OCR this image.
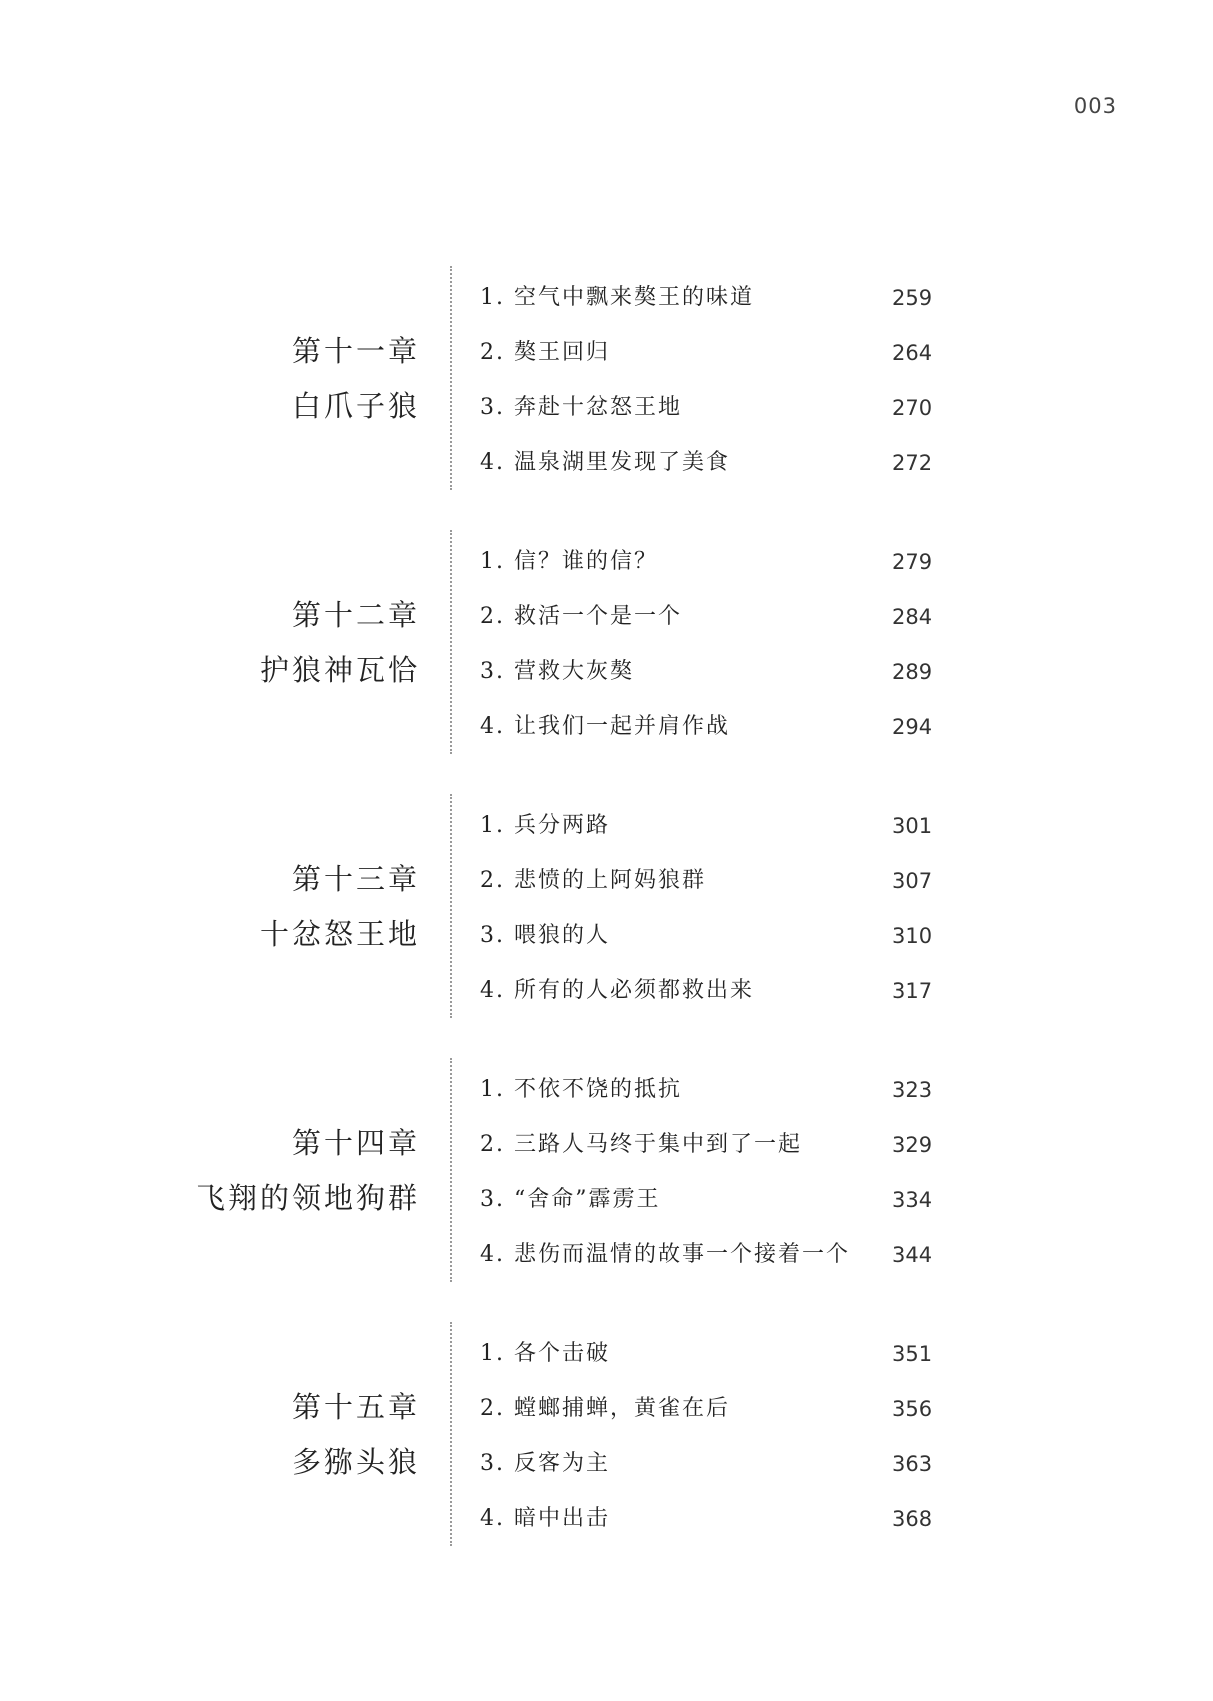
003
第十一章
白爪子狼
1. 空气中飘来獒王的味道	259
2. 獒王回归	264
3. 奔赴十忿怒王地	270
4. 温泉湖里发现了美食	272
第十二章
护狼神瓦恰
1. 信？谁的信？	279
2. 救活一个是一个	284
3. 营救大灰獒	289
4. 让我们一起并肩作战	294
第十三章
十忿怒王地
1. 兵分两路	301
2. 悲愤的上阿妈狼群	307
3. 喂狼的人	310
4. 所有的人必须都救出来	317
第十四章
飞翔的领地狗群
1. 不依不饶的抵抗	323
2. 三路人马终于集中到了一起	329
3. “舍命”霹雳王	334
4. 悲伤而温情的故事一个接着一个 344
第十五章
多猕头狼
1. 各个击破	351
2. 螳螂捕蝉，黄雀在后	356
3. 反客为主	363
4. 暗中出击	368
